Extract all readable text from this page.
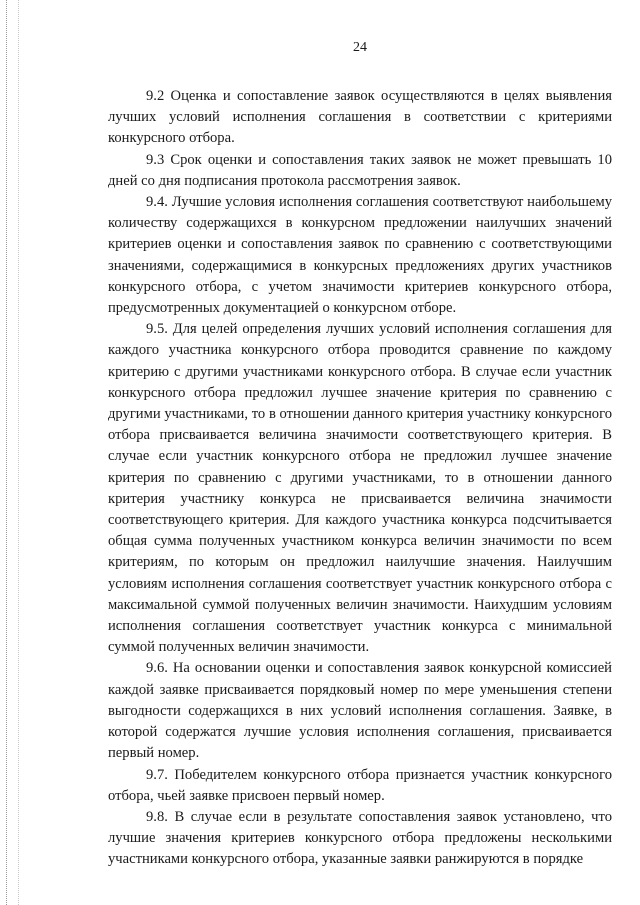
24

9.2 Оценка и сопоставление заявок осуществляются в целях выявления лучших условий исполнения соглашения в соответствии с критериями конкурсного отбора.

9.3 Срок оценки и сопоставления таких заявок не может превышать 10 дней со дня подписания протокола рассмотрения заявок.

9.4. Лучшие условия исполнения соглашения соответствуют наибольшему количеству содержащихся в конкурсном предложении наилучших значений критериев оценки и сопоставления заявок по сравнению с соответствующими значениями, содержащимися в конкурсных предложениях других участников конкурсного отбора, с учетом значимости критериев конкурсного отбора, предусмотренных документацией о конкурсном отборе.

9.5. Для целей определения лучших условий исполнения соглашения для каждого участника конкурсного отбора проводится сравнение по каждому критерию с другими участниками конкурсного отбора. В случае если участник конкурсного отбора предложил лучшее значение критерия по сравнению с другими участниками, то в отношении данного критерия участнику конкурсного отбора присваивается величина значимости соответствующего критерия. В случае если участник конкурсного отбора не предложил лучшее значение критерия по сравнению с другими участниками, то в отношении данного критерия участнику конкурса не присваивается величина значимости соответствующего критерия. Для каждого участника конкурса подсчитывается общая сумма полученных участником конкурса величин значимости по всем критериям, по которым он предложил наилучшие значения. Наилучшим условиям исполнения соглашения соответствует участник конкурсного отбора с максимальной суммой полученных величин значимости. Наихудшим условиям исполнения соглашения соответствует участник конкурса с минимальной суммой полученных величин значимости.

9.6. На основании оценки и сопоставления заявок конкурсной комиссией каждой заявке присваивается порядковый номер по мере уменьшения степени выгодности содержащихся в них условий исполнения соглашения. Заявке, в которой содержатся лучшие условия исполнения соглашения, присваивается первый номер.

9.7. Победителем конкурсного отбора признается участник конкурсного отбора, чьей заявке присвоен первый номер.

9.8. В случае если в результате сопоставления заявок установлено, что лучшие значения критериев конкурсного отбора предложены несколькими участниками конкурсного отбора, указанные заявки ранжируются в порядке
